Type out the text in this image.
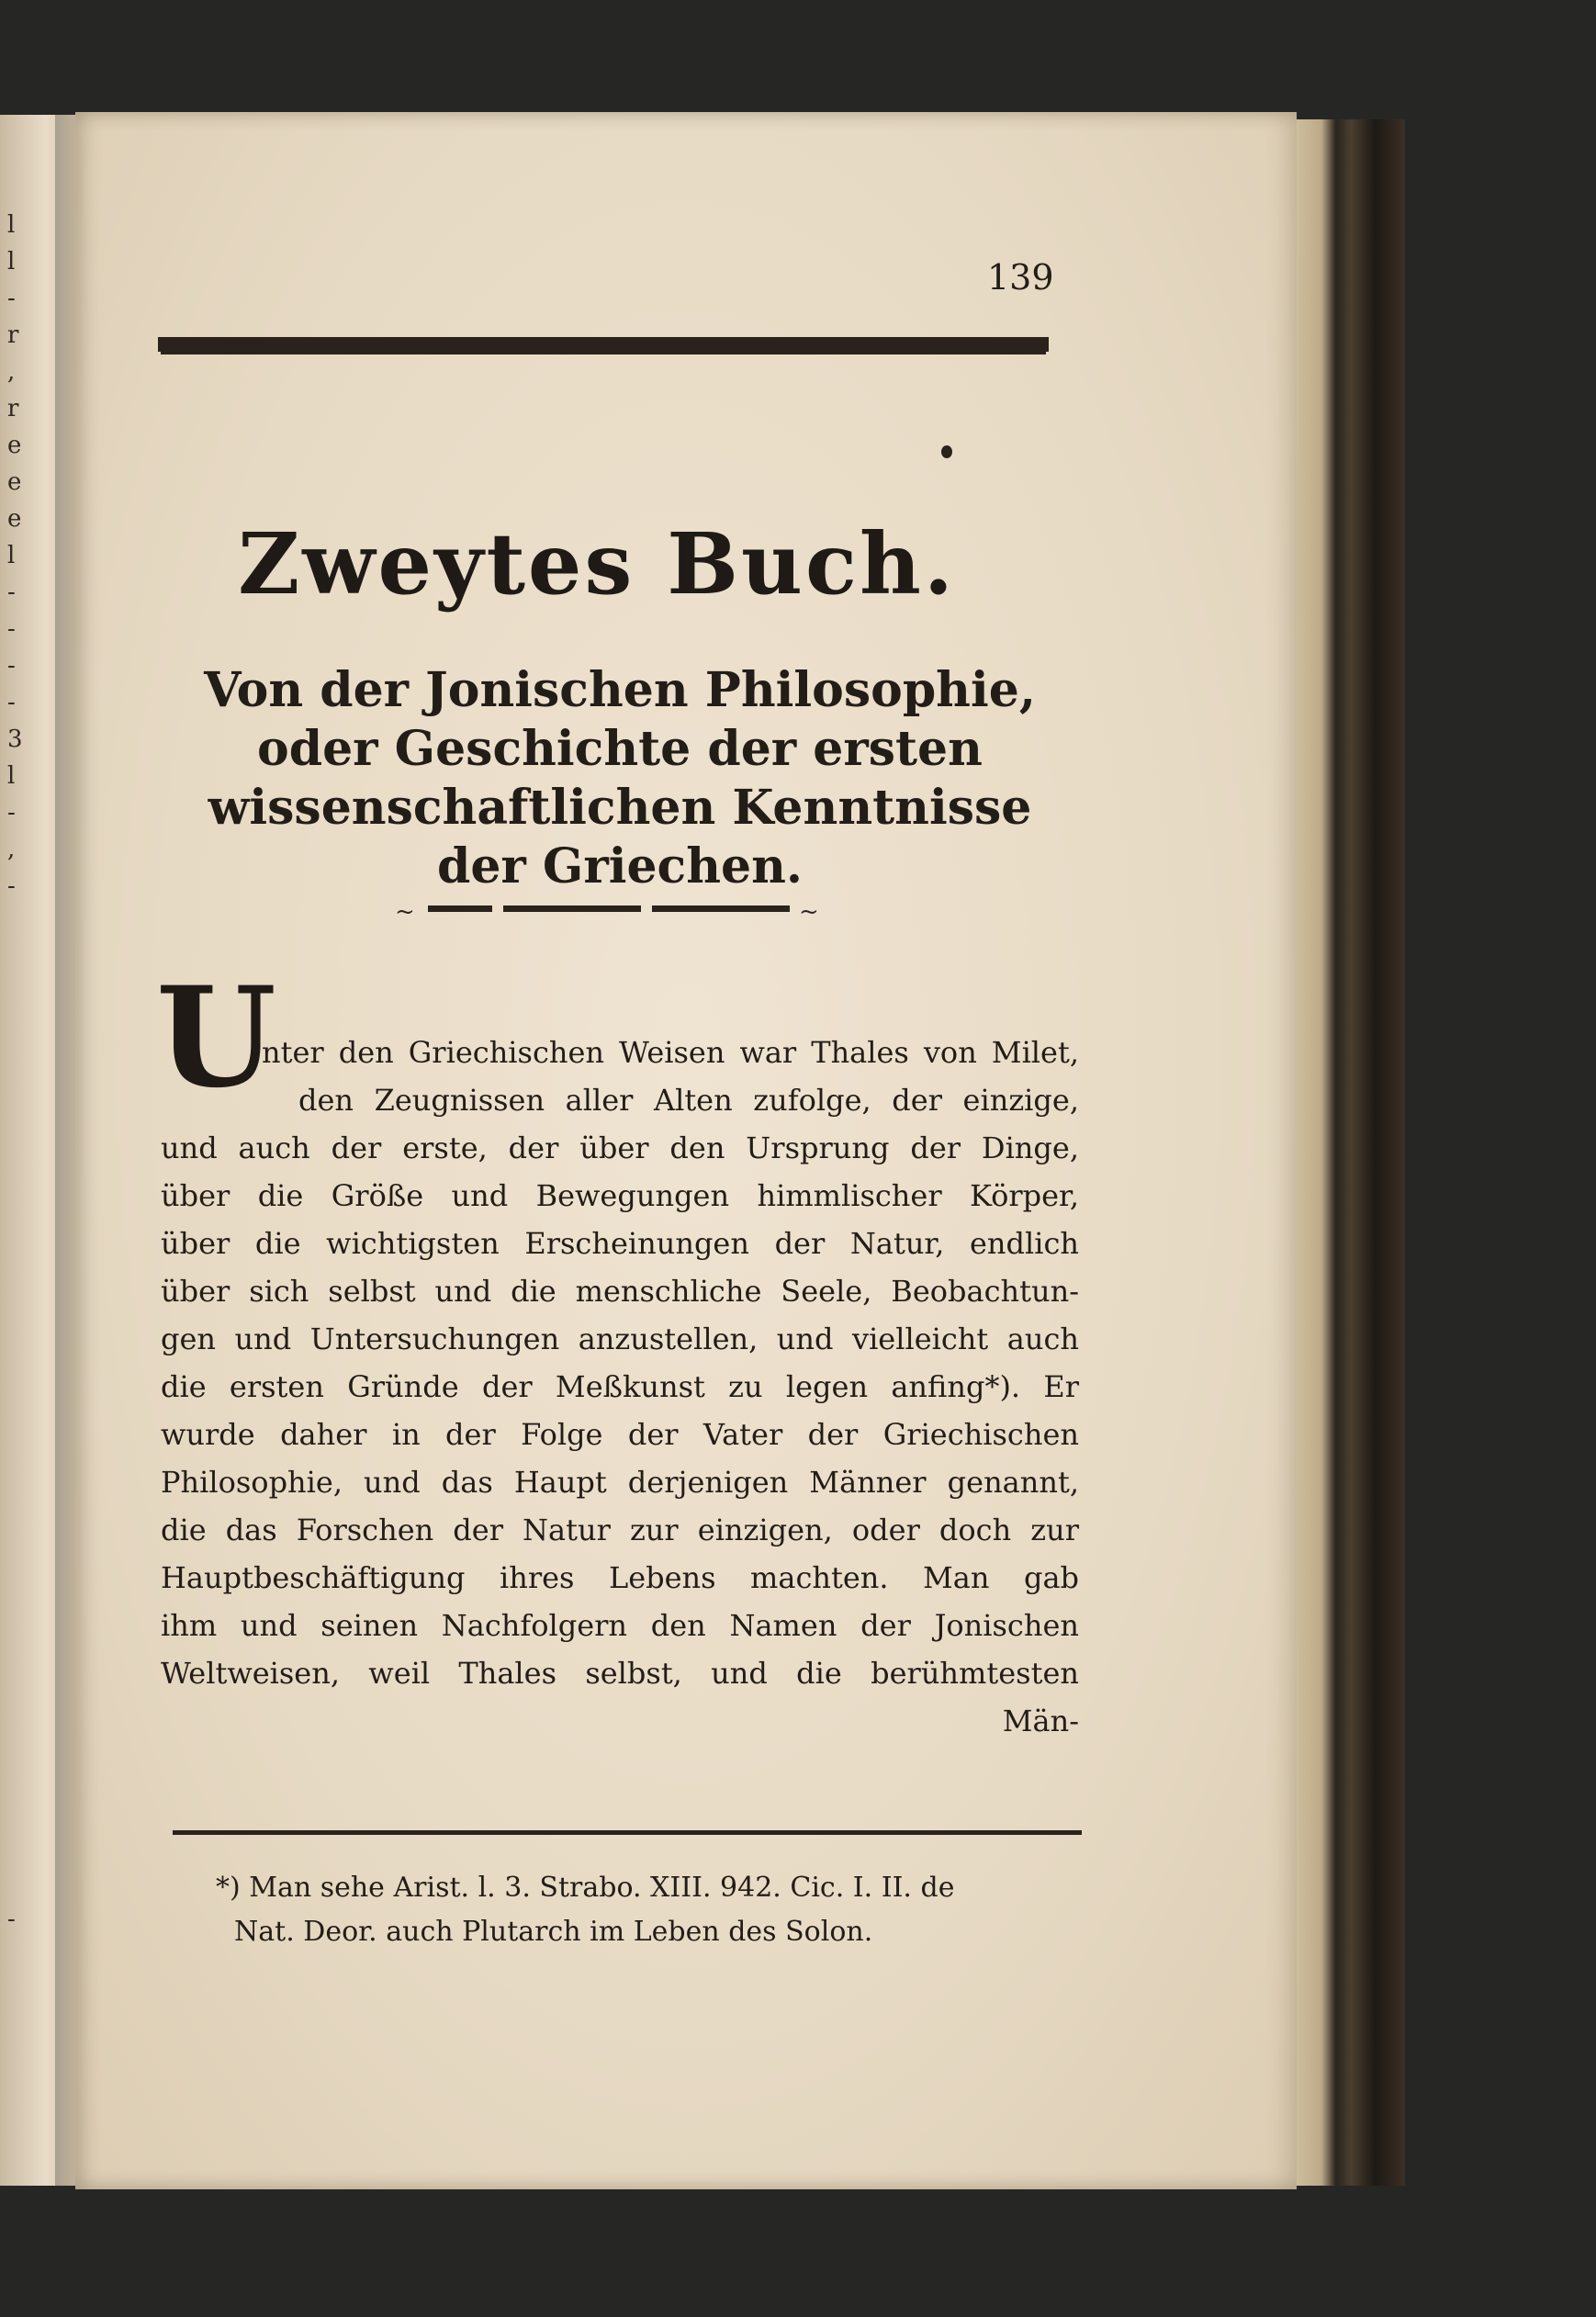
l
l
-
r
,
r
e
e
e
l
-
-
-
-
3
l
-
,
-
-
139
Zweytes Buch.
Von der Jonischen Philosophie, oder Geschichte der ersten wissenschaftlichen Kenntnisse der Griechen.
~	~
U
nter den Griechischen Weisen war Thales von Milet,
den Zeugnissen aller Alten zufolge, der einzige,
und auch der erste, der über den Ursprung der Dinge,
über die Größe und Bewegungen himmlischer Körper,
über die wichtigsten Erscheinungen der Natur, endlich
über sich selbst und die menschliche Seele, Beobachtun-
gen und Untersuchungen anzustellen, und vielleicht auch
die ersten Gründe der Meßkunst zu legen anfing*). Er
wurde daher in der Folge der Vater der Griechischen
Philosophie, und das Haupt derjenigen Männer genannt,
die das Forschen der Natur zur einzigen, oder doch zur
Hauptbeschäftigung ihres Lebens machten. Man gab
ihm und seinen Nachfolgern den Namen der Jonischen
Weltweisen, weil Thales selbst, und die berühmtesten
Män-
*) Man sehe Arist. l. 3. Strabo. XIII. 942. Cic. I. II. de
Nat. Deor. auch Plutarch im Leben des Solon.
